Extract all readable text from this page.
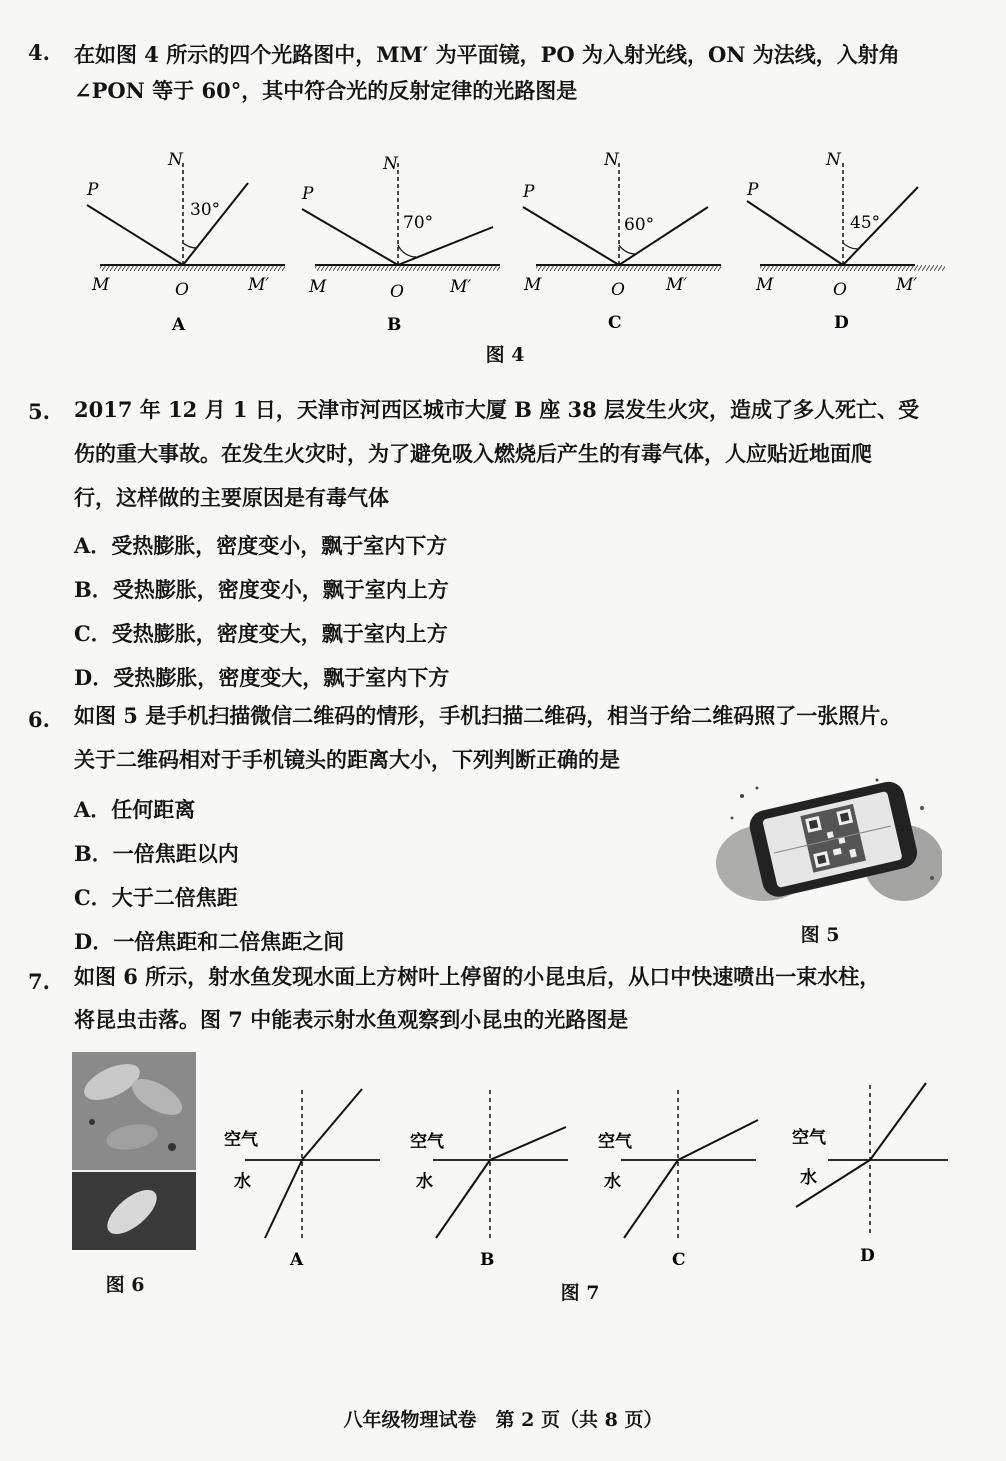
4. 在如图 4 所示的四个光路图中，MM′ 为平面镜，PO 为入射光线，ON 为法线，入射角
∠PON 等于 60°，其中符合光的反射定律的光路图是
N
P
M	O	M′
30°
A
N
P
M	O	M′
70°
B
N
P
M	O M′
60°
C
N
P
M	O	M′
45°
D
图 4
5. 2017 年 12 月 1 日，天津市河西区城市大厦 B 座 38 层发生火灾，造成了多人死亡、受
伤的重大事故。在发生火灾时，为了避免吸入燃烧后产生的有毒气体，人应贴近地面爬
行，这样做的主要原因是有毒气体
A．受热膨胀，密度变小，飘于室内下方
B．受热膨胀，密度变小，飘于室内上方
C．受热膨胀，密度变大，飘于室内上方
D．受热膨胀，密度变大，飘于室内下方
6. 如图 5 是手机扫描微信二维码的情形，手机扫描二维码，相当于给二维码照了一张照片。
关于二维码相对于手机镜头的距离大小，下列判断正确的是
A．任何距离
B．一倍焦距以内
C．大于二倍焦距
D．一倍焦距和二倍焦距之间	图 5
7. 如图 6 所示，射水鱼发现水面上方树叶上停留的小昆虫后，从口中快速喷出一束水柱，
将昆虫击落。图 7 中能表示射水鱼观察到小昆虫的光路图是
图 6
空气
水
A
空气
水
B
空气
水
C
空气
水
D
图 7
八年级物理试卷　第 2 页（共 8 页）
